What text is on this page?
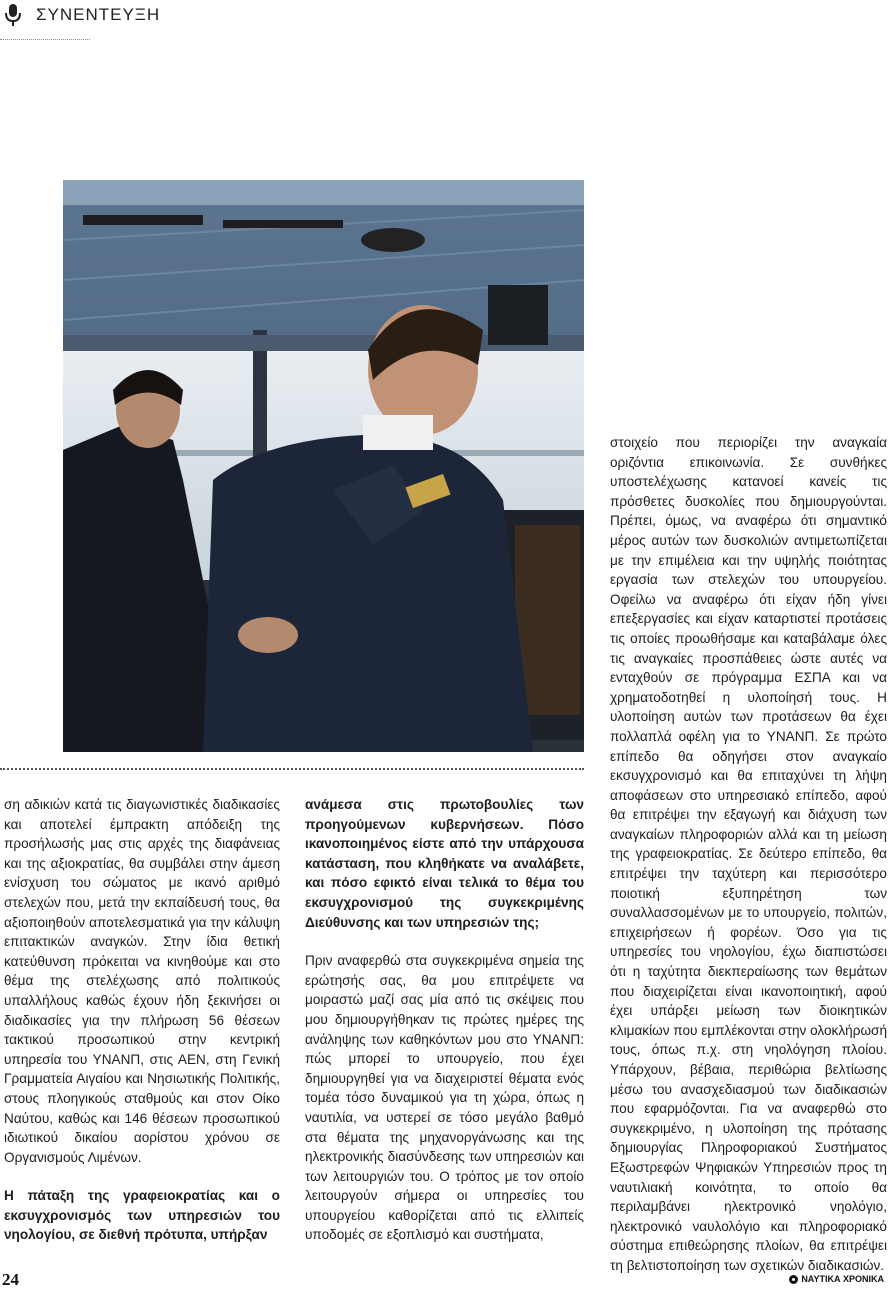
ΣΥΝΕΝΤΕΥΞΗ

ση αδικιών κατά τις διαγωνιστικές διαδικασίες και αποτελεί έμπρακτη απόδειξη της προσήλωσής μας στις αρχές της διαφάνειας και της αξιοκρατίας, θα συμβάλει στην άμεση ενίσχυση του σώματος με ικανό αριθμό στελεχών που, μετά την εκπαίδευσή τους, θα αξιοποιηθούν αποτελεσματικά για την κάλυψη επιτακτικών αναγκών. Στην ίδια θετική κατεύθυνση πρόκειται να κινηθούμε και στο θέμα της στελέχωσης από πολιτικούς υπαλλήλους καθώς έχουν ήδη ξεκινήσει οι διαδικασίες για την πλήρωση 56 θέσεων τακτικού προσωπικού στην κεντρική υπηρεσία του ΥΝΑΝΠ, στις ΑΕΝ, στη Γενική Γραμματεία Αιγαίου και Νησιωτικής Πολιτικής, στους πλοηγικούς σταθμούς και στον Οίκο Ναύτου, καθώς και 146 θέσεων προσωπικού ιδιωτικού δικαίου αορίστου χρόνου σε Οργανισμούς Λιμένων.

Η πάταξη της γραφειοκρατίας και ο εκσυγχρονισμός των υπηρεσιών του νηολογίου, σε διεθνή πρότυπα, υπήρξαν

ανάμεσα στις πρωτοβουλίες των προηγούμενων κυβερνήσεων. Πόσο ικανοποιημένος είστε από την υπάρχουσα κατάσταση, που κληθήκατε να αναλάβετε, και πόσο εφικτό είναι τελικά το θέμα του εκσυγχρονισμού της συγκεκριμένης Διεύθυνσης και των υπηρεσιών της;

Πριν αναφερθώ στα συγκεκριμένα σημεία της ερώτησής σας, θα μου επιτρέψετε να μοιραστώ μαζί σας μία από τις σκέψεις που μου δημιουργήθηκαν τις πρώτες ημέρες της ανάληψης των καθηκόντων μου στο ΥΝΑΝΠ: πώς μπορεί το υπουργείο, που έχει δημιουργηθεί για να διαχειριστεί θέματα ενός τομέα τόσο δυναμικού για τη χώρα, όπως η ναυτιλία, να υστερεί σε τόσο μεγάλο βαθμό στα θέματα της μηχανοργάνωσης και της ηλεκτρονικής διασύνδεσης των υπηρεσιών και των λειτουργιών του. Ο τρόπος με τον οποίο λειτουργούν σήμερα οι υπηρεσίες του υπουργείου καθορίζεται από τις ελλιπείς υποδομές σε εξοπλισμό και συστήματα,

στοιχείο που περιορίζει την αναγκαία οριζόντια επικοινωνία. Σε συνθήκες υποστελέχωσης κατανοεί κανείς τις πρόσθετες δυσκολίες που δημιουργούνται. Πρέπει, όμως, να αναφέρω ότι σημαντικό μέρος αυτών των δυσκολιών αντιμετωπίζεται με την επιμέλεια και την υψηλής ποιότητας εργασία των στελεχών του υπουργείου. Οφείλω να αναφέρω ότι είχαν ήδη γίνει επεξεργασίες και είχαν καταρτιστεί προτάσεις τις οποίες προωθήσαμε και καταβάλαμε όλες τις αναγκαίες προσπάθειες ώστε αυτές να ενταχθούν σε πρόγραμμα ΕΣΠΑ και να χρηματοδοτηθεί η υλοποίησή τους. Η υλοποίηση αυτών των προτάσεων θα έχει πολλαπλά οφέλη για το ΥΝΑΝΠ. Σε πρώτο επίπεδο θα οδηγήσει στον αναγκαίο εκσυγχρονισμό και θα επιταχύνει τη λήψη αποφάσεων στο υπηρεσιακό επίπεδο, αφού θα επιτρέψει την εξαγωγή και διάχυση των αναγκαίων πληροφοριών αλλά και τη μείωση της γραφειοκρατίας. Σε δεύτερο επίπεδο, θα επιτρέψει την ταχύτερη και περισσότερο ποιοτική εξυπηρέτηση των συναλλασσομένων με το υπουργείο, πολιτών, επιχειρήσεων ή φορέων. Όσο για τις υπηρεσίες του νηολογίου, έχω διαπιστώσει ότι η ταχύτητα διεκπεραίωσης των θεμάτων που διαχειρίζεται είναι ικανοποιητική, αφού έχει υπάρξει μείωση των διοικητικών κλιμακίων που εμπλέκονται στην ολοκλήρωσή τους, όπως π.χ. στη νηολόγηση πλοίου. Υπάρχουν, βέβαια, περιθώρια βελτίωσης μέσω του ανασχεδιασμού των διαδικασιών που εφαρμόζονται. Για να αναφερθώ στο συγκεκριμένο, η υλοποίηση της πρότασης δημιουργίας Πληροφοριακού Συστήματος Εξωστρεφών Ψηφιακών Υπηρεσιών προς τη ναυτιλιακή κοινότητα, το οποίο θα περιλαμβάνει ηλεκτρονικό νηολόγιο, ηλεκτρονικό ναυλολόγιο και πληροφοριακό σύστημα επιθεώρησης πλοίων, θα επιτρέψει τη βελτιστοποίηση των σχετικών διαδικασιών.

24	ΝΑΥΤΙΚΑ ΧΡΟΝΙΚΑ
